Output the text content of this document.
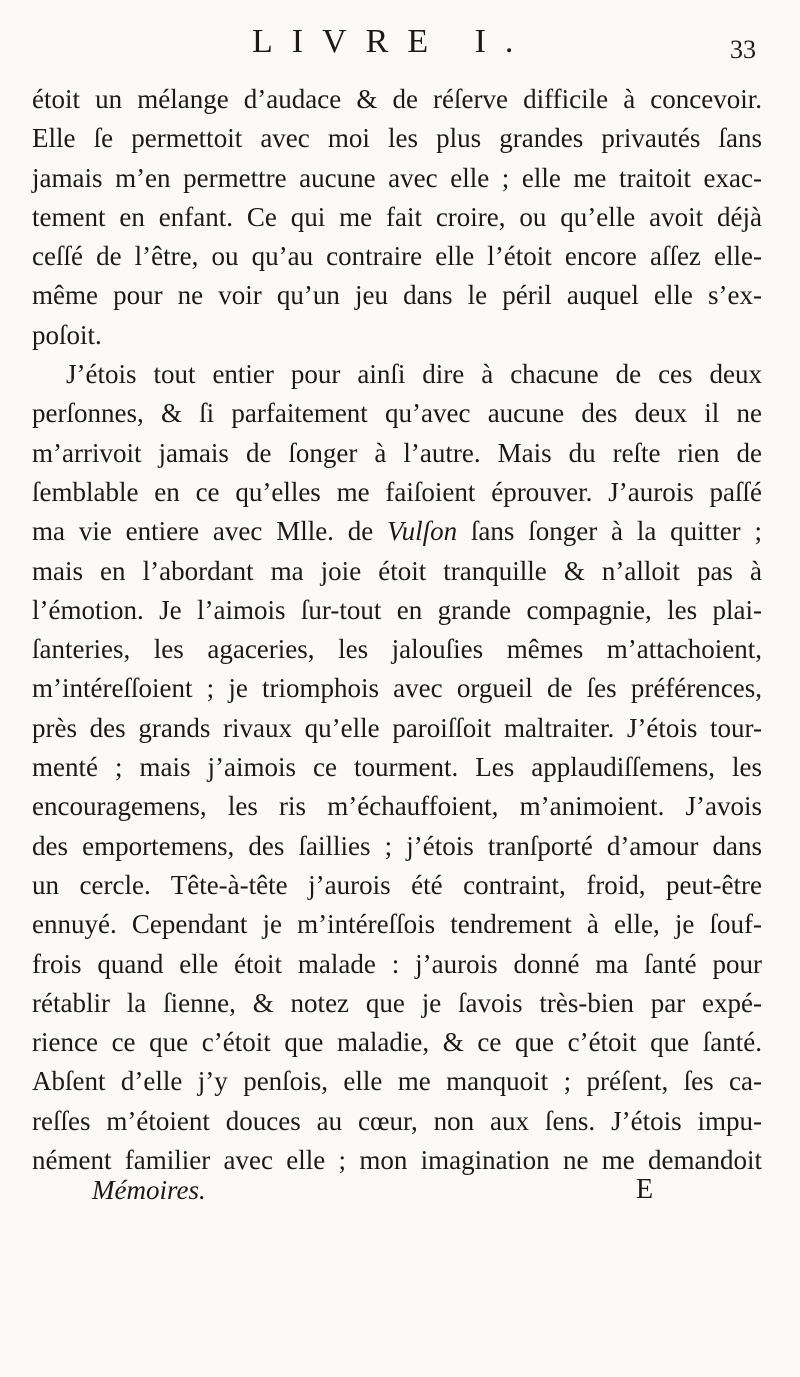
LIVRE I.	33
étoit un mélange d’audace & de réſerve difficile à concevoir.
Elle ſe permettoit avec moi les plus grandes privautés ſans
jamais m’en permettre aucune avec elle ; elle me traitoit exac-
tement en enfant. Ce qui me fait croire, ou qu’elle avoit déjà
ceſſé de l’être, ou qu’au contraire elle l’étoit encore aſſez elle-
même pour ne voir qu’un jeu dans le péril auquel elle s’ex-
poſoit.
J’étois tout entier pour ainſi dire à chacune de ces deux
perſonnes, & ſi parfaitement qu’avec aucune des deux il ne
m’arrivoit jamais de ſonger à l’autre. Mais du reſte rien de
ſemblable en ce qu’elles me faiſoient éprouver. J’aurois paſſé
ma vie entiere avec Mlle. de Vulſon ſans ſonger à la quitter ;
mais en l’abordant ma joie étoit tranquille & n’alloit pas à
l’émotion. Je l’aimois ſur-tout en grande compagnie, les plai-
ſanteries, les agaceries, les jalouſies mêmes m’attachoient,
m’intéreſſoient ; je triomphois avec orgueil de ſes préférences,
près des grands rivaux qu’elle paroiſſoit maltraiter. J’étois tour-
menté ; mais j’aimois ce tourment. Les applaudiſſemens, les
encouragemens, les ris m’échauffoient, m’animoient. J’avois
des emportemens, des ſaillies ; j’étois tranſporté d’amour dans
un cercle. Tête-à-tête j’aurois été contraint, froid, peut-être
ennuyé. Cependant je m’intéreſſois tendrement à elle, je ſouf-
frois quand elle étoit malade : j’aurois donné ma ſanté pour
rétablir la ſienne, & notez que je ſavois très-bien par expé-
rience ce que c’étoit que maladie, & ce que c’étoit que ſanté.
Abſent d’elle j’y penſois, elle me manquoit ; préſent, ſes ca-
reſſes m’étoient douces au cœur, non aux ſens. J’étois impu-
nément familier avec elle ; mon imagination ne me demandoit
Mémoires.	E
